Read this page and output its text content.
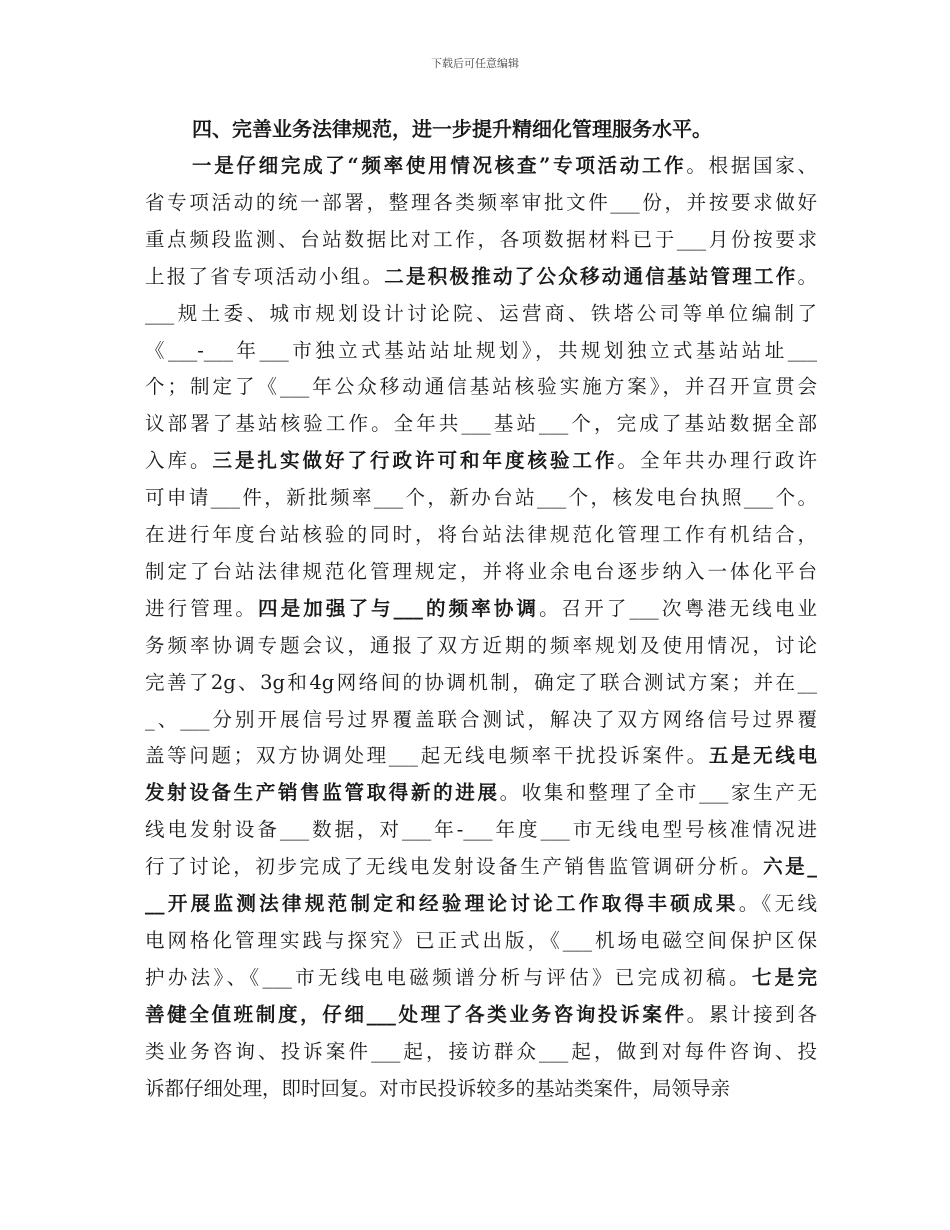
下载后可任意编辑
四、完善业务法律规范，进一步提升精细化管理服务水平。
一是仔细完成了“频率使用情况核查”专项活动工作。根据国家、
省专项活动的统一部署，整理各类频率审批文件___份，并按要求做好
重点频段监测、台站数据比对工作，各项数据材料已于___月份按要求
上报了省专项活动小组。二是积极推动了公众移动通信基站管理工作。
___规土委、城市规划设计讨论院、运营商、铁塔公司等单位编制了
《___-___年___市独立式基站站址规划》，共规划独立式基站站址___
个；制定了《___年公众移动通信基站核验实施方案》，并召开宣贯会
议部署了基站核验工作。全年共___基站___个，完成了基站数据全部
入库。三是扎实做好了行政许可和年度核验工作。全年共办理行政许
可申请___件，新批频率___个，新办台站___个，核发电台执照___个。
在进行年度台站核验的同时，将台站法律规范化管理工作有机结合，
制定了台站法律规范化管理规定，并将业余电台逐步纳入一体化平台
进行管理。四是加强了与___的频率协调。召开了___次粤港无线电业
务频率协调专题会议，通报了双方近期的频率规划及使用情况，讨论
完善了2g、3g和4g网络间的协调机制，确定了联合测试方案；并在__
_、___分别开展信号过界覆盖联合测试，解决了双方网络信号过界覆
盖等问题；双方协调处理___起无线电频率干扰投诉案件。五是无线电
发射设备生产销售监管取得新的进展。收集和整理了全市___家生产无
线电发射设备___数据，对___年-___年度___市无线电型号核准情况进
行了讨论，初步完成了无线电发射设备生产销售监管调研分析。六是_
__开展监测法律规范制定和经验理论讨论工作取得丰硕成果。《无线
电网格化管理实践与探究》已正式出版，《___机场电磁空间保护区保
护办法》、《___市无线电电磁频谱分析与评估》已完成初稿。七是完
善健全值班制度，仔细___处理了各类业务咨询投诉案件。累计接到各
类业务咨询、投诉案件___起，接访群众___起，做到对每件咨询、投
诉都仔细处理，即时回复。对市民投诉较多的基站类案件，局领导亲
